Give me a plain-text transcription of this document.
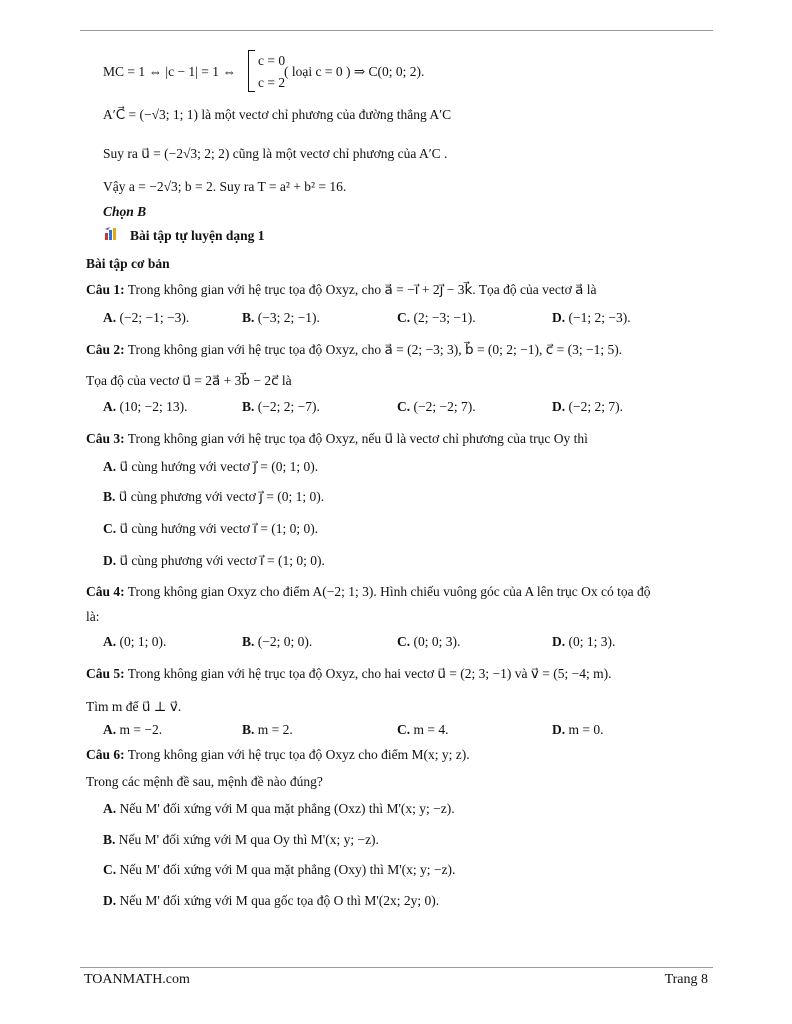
MC = 1 ⇔ |c − 1| = 1 ⇔
c = 0
c = 2
( loại c = 0 ) ⇒ C(0; 0; 2).
A′C⃗ = (−√3; 1; 1) là một vectơ chỉ phương của đường thẳng A′C
Suy ra u⃗ = (−2√3; 2; 2) cũng là một vectơ chỉ phương của A′C .
Vậy a = −2√3; b = 2. Suy ra T = a² + b² = 16.
Chọn B
Bài tập tự luyện dạng 1
Bài tập cơ bản
Câu 1: Trong không gian với hệ trục tọa độ Oxyz, cho a⃗ = −i⃗ + 2j⃗ − 3k⃗. Tọa độ của vectơ a⃗ là
A. (−2; −1; −3).	B. (−3; 2; −1).	C. (2; −3; −1).	D. (−1; 2; −3).
Câu 2: Trong không gian với hệ trục tọa độ Oxyz, cho a⃗ = (2; −3; 3), b⃗ = (0; 2; −1), c⃗ = (3; −1; 5).
Tọa độ của vectơ u⃗ = 2a⃗ + 3b⃗ − 2c⃗ là
A. (10; −2; 13).	B. (−2; 2; −7).	C. (−2; −2; 7).	D. (−2; 2; 7).
Câu 3: Trong không gian với hệ trục tọa độ Oxyz, nếu u⃗ là vectơ chỉ phương của trục Oy thì
A. u⃗ cùng hướng với vectơ j⃗ = (0; 1; 0).
B. u⃗ cùng phương với vectơ j⃗ = (0; 1; 0).
C. u⃗ cùng hướng với vectơ i⃗ = (1; 0; 0).
D. u⃗ cùng phương với vectơ i⃗ = (1; 0; 0).
Câu 4: Trong không gian Oxyz cho điểm A(−2; 1; 3). Hình chiếu vuông góc của A lên trục Ox có tọa độ
là:
A. (0; 1; 0).	B. (−2; 0; 0).	C. (0; 0; 3).	D. (0; 1; 3).
Câu 5: Trong không gian với hệ trục tọa độ Oxyz, cho hai vectơ u⃗ = (2; 3; −1) và v⃗ = (5; −4; m).
Tìm m để u⃗ ⊥ v⃗.
A. m = −2.	B. m = 2.	C. m = 4.	D. m = 0.
Câu 6: Trong không gian với hệ trục tọa độ Oxyz cho điểm M(x; y; z).
Trong các mệnh đề sau, mệnh đề nào đúng?
A. Nếu M' đối xứng với M qua mặt phẳng (Oxz) thì M'(x; y; −z).
B. Nếu M' đối xứng với M qua Oy thì M'(x; y; −z).
C. Nếu M' đối xứng với M qua mặt phẳng (Oxy) thì M'(x; y; −z).
D. Nếu M' đối xứng với M qua gốc tọa độ O thì M'(2x; 2y; 0).
TOANMATH.com	Trang 8
